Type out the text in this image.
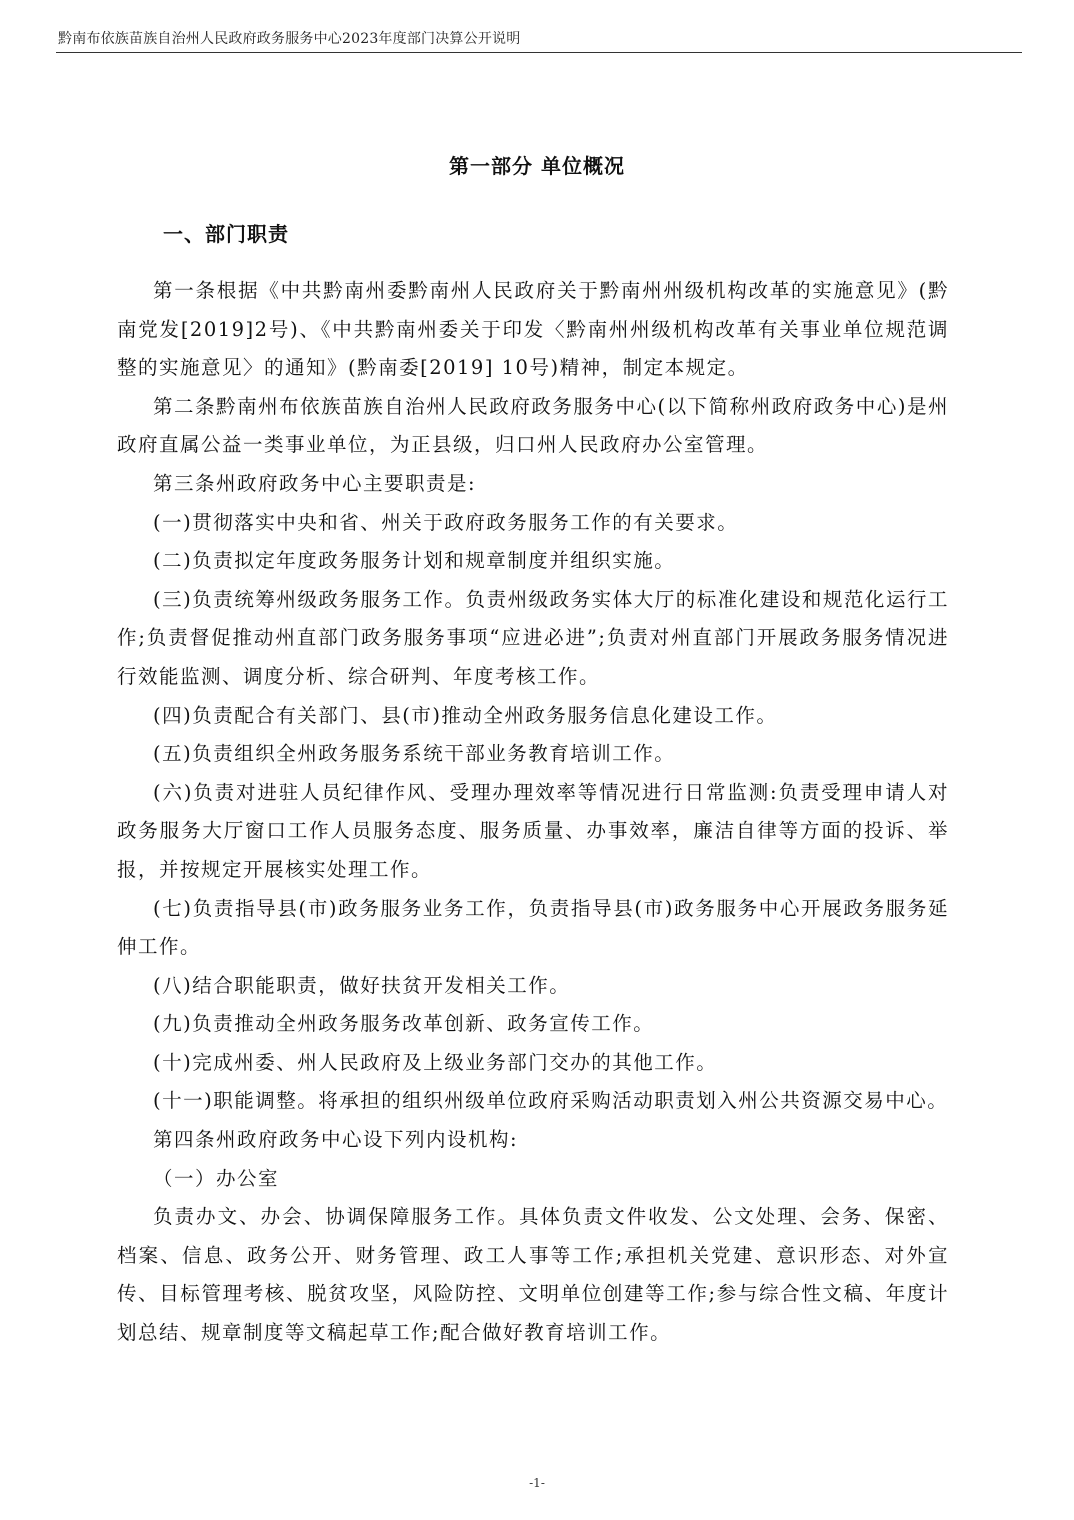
黔南布依族苗族自治州人民政府政务服务中心2023年度部门决算公开说明
第一部分 单位概况
一、部门职责

第一条根据《中共黔南州委黔南州人民政府关于黔南州州级机构改革的实施意见》(黔南党发[2019]2号)、《中共黔南州委关于印发〈黔南州州级机构改革有关事业单位规范调整的实施意见〉的通知》(黔南委[2019] 10号)精神，制定本规定。

第二条黔南州布依族苗族自治州人民政府政务服务中心(以下简称州政府政务中心)是州政府直属公益一类事业单位，为正县级，归口州人民政府办公室管理。

第三条州政府政务中心主要职责是:

(一)贯彻落实中央和省、州关于政府政务服务工作的有关要求。

(二)负责拟定年度政务服务计划和规章制度并组织实施。

(三)负责统筹州级政务服务工作。负责州级政务实体大厅的标准化建设和规范化运行工作;负责督促推动州直部门政务服务事项“应进必进”;负责对州直部门开展政务服务情况进行效能监测、调度分析、综合研判、年度考核工作。

(四)负责配合有关部门、县(市)推动全州政务服务信息化建设工作。

(五)负责组织全州政务服务系统干部业务教育培训工作。

(六)负责对进驻人员纪律作风、受理办理效率等情况进行日常监测:负责受理申请人对政务服务大厅窗口工作人员服务态度、服务质量、办事效率，廉洁自律等方面的投诉、举报，并按规定开展核实处理工作。

(七)负责指导县(市)政务服务业务工作，负责指导县(市)政务服务中心开展政务服务延伸工作。

(八)结合职能职责，做好扶贫开发相关工作。

(九)负责推动全州政务服务改革创新、政务宣传工作。

(十)完成州委、州人民政府及上级业务部门交办的其他工作。

(十一)职能调整。将承担的组织州级单位政府采购活动职责划入州公共资源交易中心。

第四条州政府政务中心设下列内设机构:

（一）办公室

负责办文、办会、协调保障服务工作。具体负责文件收发、公文处理、会务、保密、档案、信息、政务公开、财务管理、政工人事等工作;承担机关党建、意识形态、对外宣传、目标管理考核、脱贫攻坚，风险防控、文明单位创建等工作;参与综合性文稿、年度计划总结、规章制度等文稿起草工作;配合做好教育培训工作。

-1-
